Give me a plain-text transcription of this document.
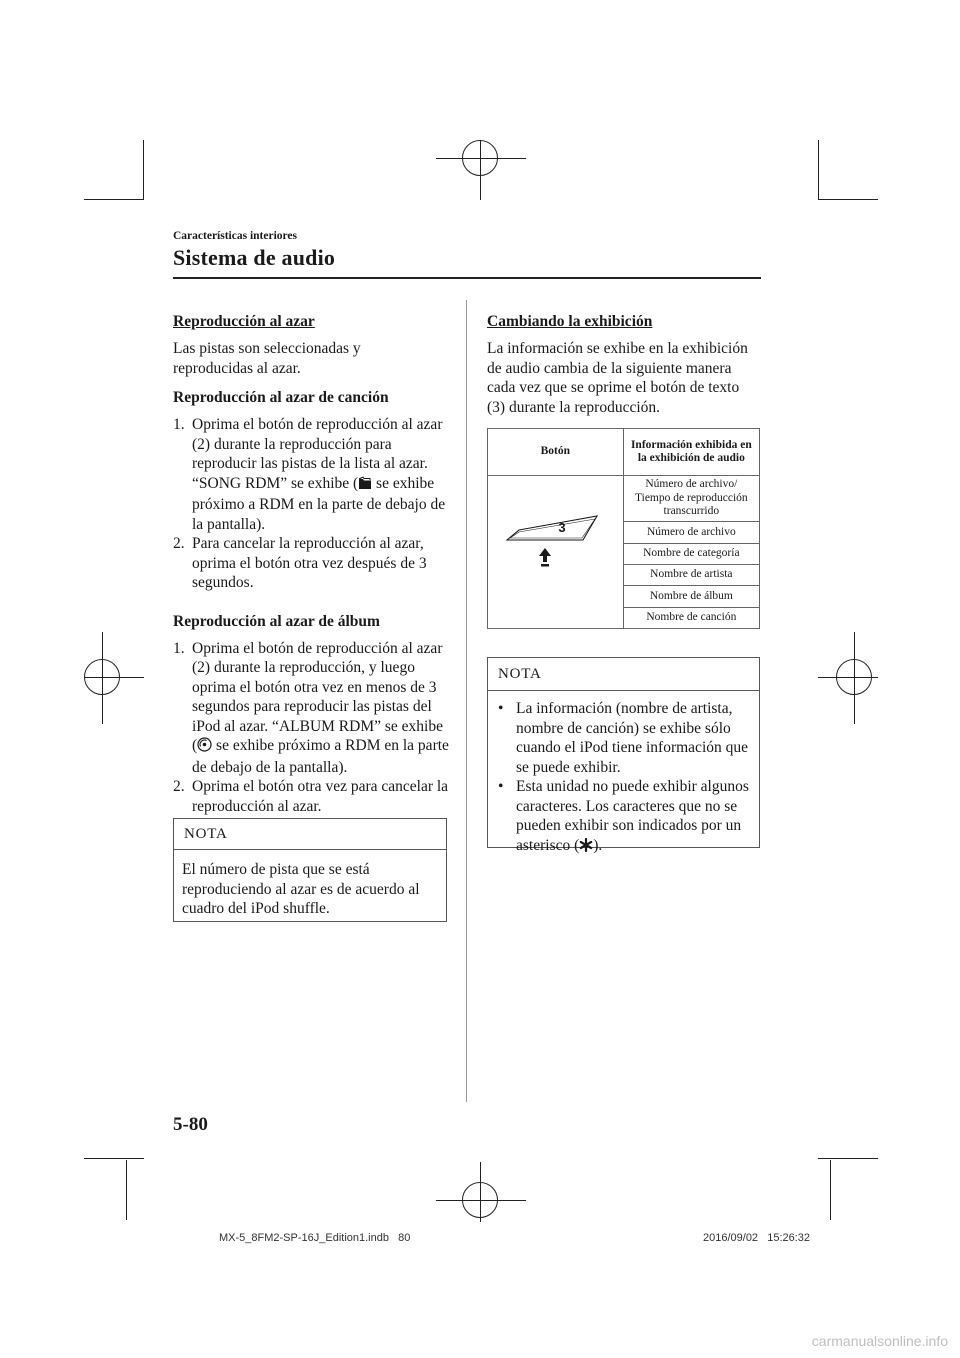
Características interiores
Sistema de audio
Reproducción al azar
Las pistas son seleccionadas y reproducidas al azar.
Reproducción al azar de canción
1. Oprima el botón de reproducción al azar (2) durante la reproducción para reproducir las pistas de la lista al azar. “SONG RDM” se exhibe ( se exhibe próximo a RDM en la parte de debajo de la pantalla).
2. Para cancelar la reproducción al azar, oprima el botón otra vez después de 3 segundos.
Reproducción al azar de álbum
1. Oprima el botón de reproducción al azar (2) durante la reproducción, y luego oprima el botón otra vez en menos de 3 segundos para reproducir las pistas del iPod al azar. “ALBUM RDM” se exhibe ( se exhibe próximo a RDM en la parte de debajo de la pantalla).
2. Oprima el botón otra vez para cancelar la reproducción al azar.
NOTA
El número de pista que se está reproduciendo al azar es de acuerdo al cuadro del iPod shuffle.
Cambiando la exhibición
La información se exhibe en la exhibición de audio cambia de la siguiente manera cada vez que se oprime el botón de texto (3) durante la reproducción.
Botón	Información exhibida en la exhibición de audio

3	Número de archivo/ Tiempo de reproducción transcurrido
	Número de archivo
	Nombre de categoría
	Nombre de artista
	Nombre de álbum
	Nombre de canción
NOTA
• La información (nombre de artista, nombre de canción) se exhibe sólo cuando el iPod tiene información que se puede exhibir.
• Esta unidad no puede exhibir algunos caracteres. Los caracteres que no se pueden exhibir son indicados por un asterisco ( ).
5-80
MX-5_8FM2-SP-16J_Edition1.indb   80	2016/09/02   15:26:32
carmanualsonline.info
